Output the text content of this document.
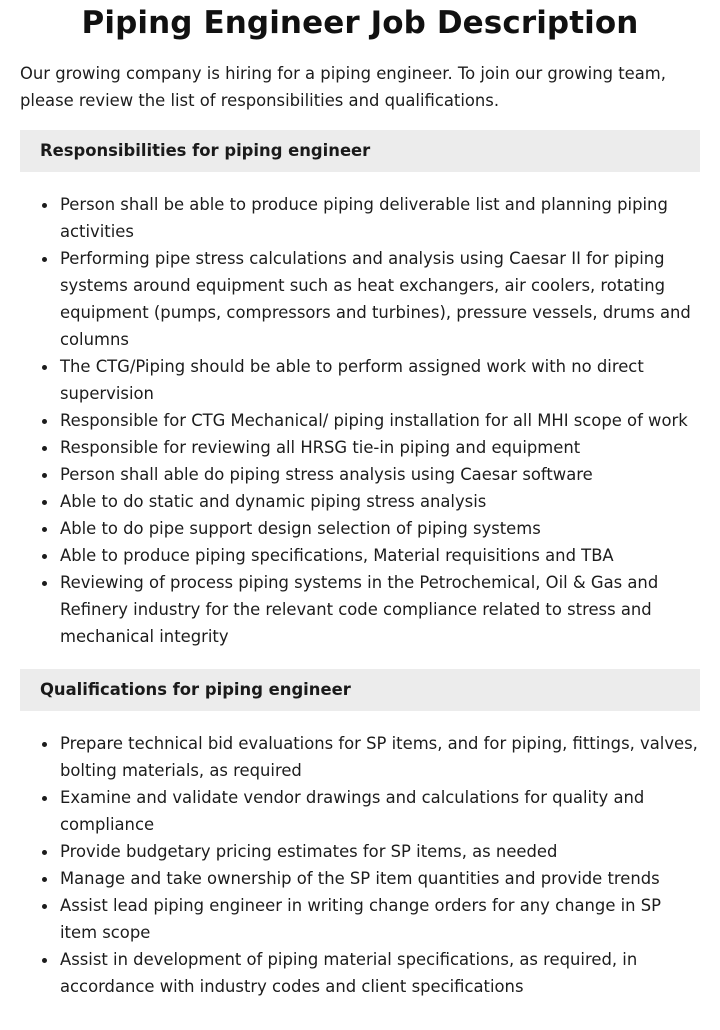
Piping Engineer Job Description

Our growing company is hiring for a piping engineer. To join our growing team, please review the list of responsibilities and qualifications.

Responsibilities for piping engineer
Person shall be able to produce piping deliverable list and planning piping activities
Performing pipe stress calculations and analysis using Caesar II for piping systems around equipment such as heat exchangers, air coolers, rotating equipment (pumps, compressors and turbines), pressure vessels, drums and columns
The CTG/Piping should be able to perform assigned work with no direct supervision
Responsible for CTG Mechanical/ piping installation for all MHI scope of work
Responsible for reviewing all HRSG tie-in piping and equipment
Person shall able do piping stress analysis using Caesar software
Able to do static and dynamic piping stress analysis
Able to do pipe support design selection of piping systems
Able to produce piping specifications, Material requisitions and TBA
Reviewing of process piping systems in the Petrochemical, Oil & Gas and Refinery industry for the relevant code compliance related to stress and mechanical integrity
Qualifications for piping engineer
Prepare technical bid evaluations for SP items, and for piping, fittings, valves, bolting materials, as required
Examine and validate vendor drawings and calculations for quality and compliance
Provide budgetary pricing estimates for SP items, as needed
Manage and take ownership of the SP item quantities and provide trends
Assist lead piping engineer in writing change orders for any change in SP item scope
Assist in development of piping material specifications, as required, in accordance with industry codes and client specifications
